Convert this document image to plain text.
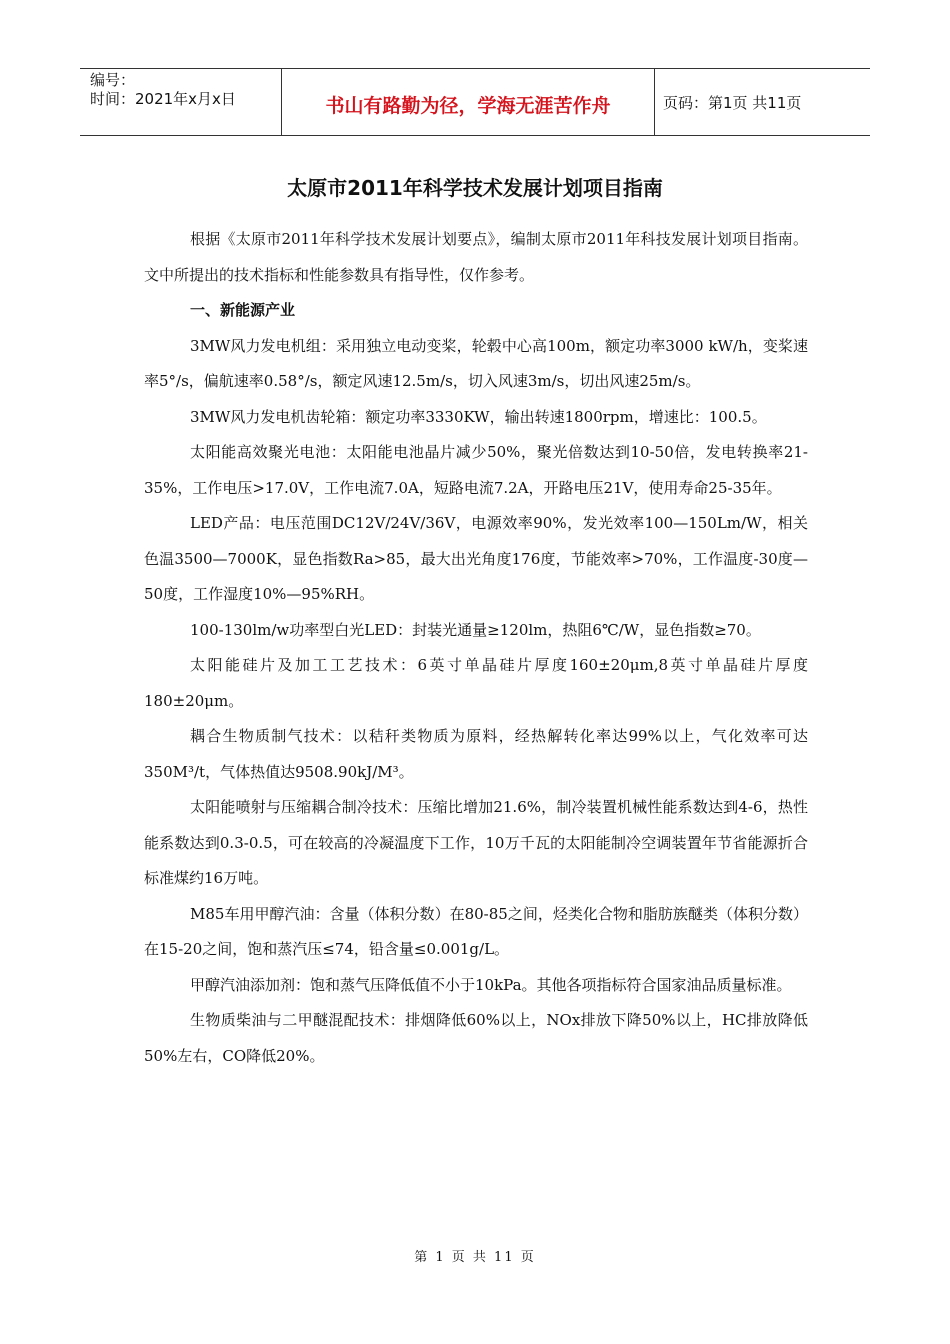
编号：
时间：2021年x月x日	书山有路勤为径，学海无涯苦作舟	页码：第1页 共11页
太原市2011年科学技术发展计划项目指南

根据《太原市2011年科学技术发展计划要点》，编制太原市2011年科技发展计划项目指南。文中所提出的技术指标和性能参数具有指导性，仅作参考。

一、新能源产业

3MW风力发电机组：采用独立电动变桨，轮毂中心高100m，额定功率3000 kW/h，变桨速率5°/s，偏航速率0.58°/s，额定风速12.5m/s，切入风速3m/s，切出风速25m/s。

3MW风力发电机齿轮箱：额定功率3330KW，输出转速1800rpm，增速比：100.5。

太阳能高效聚光电池：太阳能电池晶片减少50%，聚光倍数达到10-50倍，发电转换率21-35%，工作电压>17.0V，工作电流7.0A，短路电流7.2A，开路电压21V，使用寿命25-35年。

LED产品：电压范围DC12V/24V/36V，电源效率90%，发光效率100—150Lm/W，相关色温3500—7000K，显色指数Ra>85，最大出光角度176度，节能效率>70%，工作温度-30度—50度，工作湿度10%—95%RH。

100-130lm/w功率型白光LED：封装光通量≥120lm，热阻6℃/W，显色指数≥70。

太阳能硅片及加工工艺技术：6英寸单晶硅片厚度160±20μm,8英寸单晶硅片厚度180±20μm。

耦合生物质制气技术：以秸秆类物质为原料，经热解转化率达99%以上，气化效率可达350M³/t，气体热值达9508.90kJ/M³。

太阳能喷射与压缩耦合制冷技术：压缩比增加21.6%，制冷装置机械性能系数达到4-6，热性能系数达到0.3-0.5，可在较高的冷凝温度下工作，10万千瓦的太阳能制冷空调装置年节省能源折合标准煤约16万吨。

M85车用甲醇汽油：含量（体积分数）在80-85之间，烃类化合物和脂肪族醚类（体积分数）在15-20之间，饱和蒸汽压≤74，铅含量≤0.001g/L。

甲醇汽油添加剂：饱和蒸气压降低值不小于10kPa。其他各项指标符合国家油品质量标准。

生物质柴油与二甲醚混配技术：排烟降低60%以上，NOx排放下降50%以上，HC排放降低50%左右，CO降低20%。

第 1 页 共 11 页
